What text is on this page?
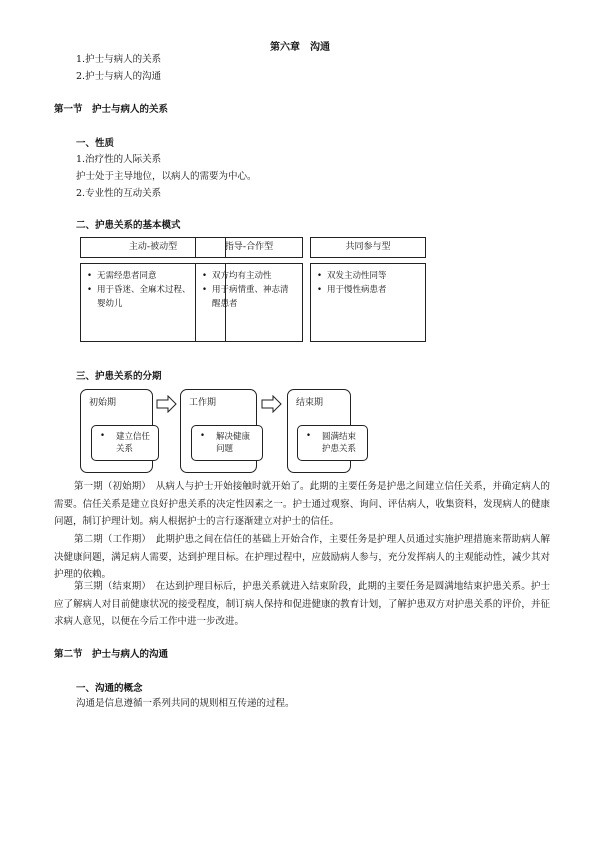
第六章　沟通
1.护士与病人的关系
2.护士与病人的沟通
第一节　护士与病人的关系
一、性质
1.治疗性的人际关系
护士处于主导地位，以病人的需要为中心。
2.专业性的互动关系
二、护患关系的基本模式
主动-被动型
• 无需经患者同意
• 用于昏迷、全麻术过程、婴幼儿
指导-合作型
• 双方均有主动性
• 用于病情重、神志清醒患者
共同参与型
• 双发主动性同等
• 用于慢性病患者
三、护患关系的分期
初始期
• 建立信任关系
工作期
• 解决健康问题
结束期
• 圆满结束护患关系
第一期（初始期）　从病人与护士开始接触时就开始了。此期的主要任务是护患之间建立信任关系，并确定病人的需要。信任关系是建立良好护患关系的决定性因素之一。护士通过观察、询问、评估病人，收集资料，发现病人的健康问题，制订护理计划。病人根据护士的言行逐渐建立对护士的信任。
第二期（工作期）　此期护患之间在信任的基础上开始合作，主要任务是护理人员通过实施护理措施来帮助病人解决健康问题，满足病人需要，达到护理目标。在护理过程中，应鼓励病人参与，充分发挥病人的主观能动性，减少其对护理的依赖。
第三期（结束期）　在达到护理目标后，护患关系就进入结束阶段，此期的主要任务是圆满地结束护患关系。护士应了解病人对目前健康状况的接受程度，制订病人保持和促进健康的教育计划，了解护患双方对护患关系的评价，并征求病人意见，以便在今后工作中进一步改进。
第二节　护士与病人的沟通
一、沟通的概念
沟通是信息遵循一系列共同的规则相互传递的过程。
